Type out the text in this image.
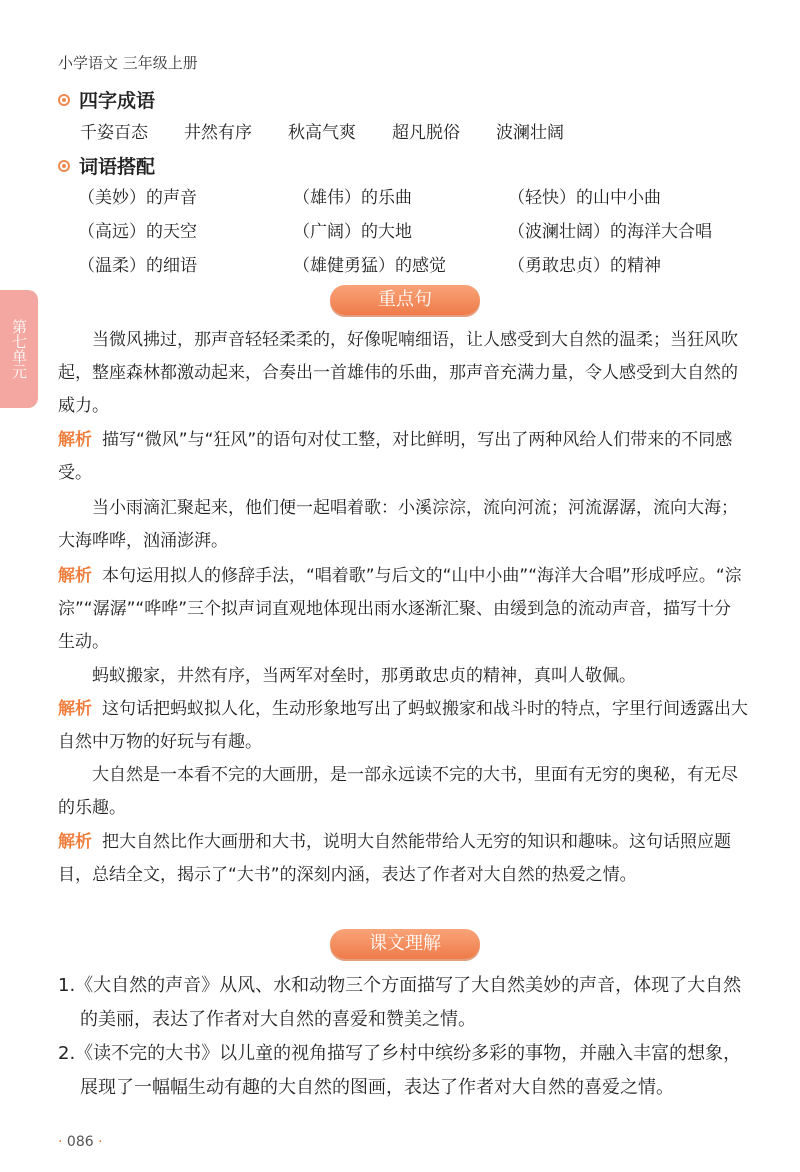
小学语文 三年级上册
第七单元
四字成语
千姿百态 井然有序 秋高气爽 超凡脱俗 波澜壮阔
词语搭配
（美妙）的声音	（雄伟）的乐曲	（轻快）的山中小曲
（高远）的天空	（广阔）的大地	（波澜壮阔）的海洋大合唱
（温柔）的细语	（雄健勇猛）的感觉	（勇敢忠贞）的精神
重点句
当微风拂过，那声音轻轻柔柔的，好像呢喃细语，让人感受到大自然的温柔；当狂风吹起，整座森林都激动起来，合奏出一首雄伟的乐曲，那声音充满力量，令人感受到大自然的威力。
解析 描写“微风”与“狂风”的语句对仗工整，对比鲜明，写出了两种风给人们带来的不同感受。
当小雨滴汇聚起来，他们便一起唱着歌：小溪淙淙，流向河流；河流潺潺，流向大海；大海哗哗，汹涌澎湃。
解析 本句运用拟人的修辞手法，“唱着歌”与后文的“山中小曲”“海洋大合唱”形成呼应。“淙淙”“潺潺”“哗哗”三个拟声词直观地体现出雨水逐渐汇聚、由缓到急的流动声音，描写十分生动。
蚂蚁搬家，井然有序，当两军对垒时，那勇敢忠贞的精神，真叫人敬佩。
解析 这句话把蚂蚁拟人化，生动形象地写出了蚂蚁搬家和战斗时的特点，字里行间透露出大自然中万物的好玩与有趣。
大自然是一本看不完的大画册，是一部永远读不完的大书，里面有无穷的奥秘，有无尽的乐趣。
解析 把大自然比作大画册和大书，说明大自然能带给人无穷的知识和趣味。这句话照应题目，总结全文，揭示了“大书”的深刻内涵，表达了作者对大自然的热爱之情。
课文理解
1.《大自然的声音》从风、水和动物三个方面描写了大自然美妙的声音，体现了大自然的美丽，表达了作者对大自然的喜爱和赞美之情。
2.《读不完的大书》以儿童的视角描写了乡村中缤纷多彩的事物，并融入丰富的想象，展现了一幅幅生动有趣的大自然的图画，表达了作者对大自然的喜爱之情。
· 086 ·
